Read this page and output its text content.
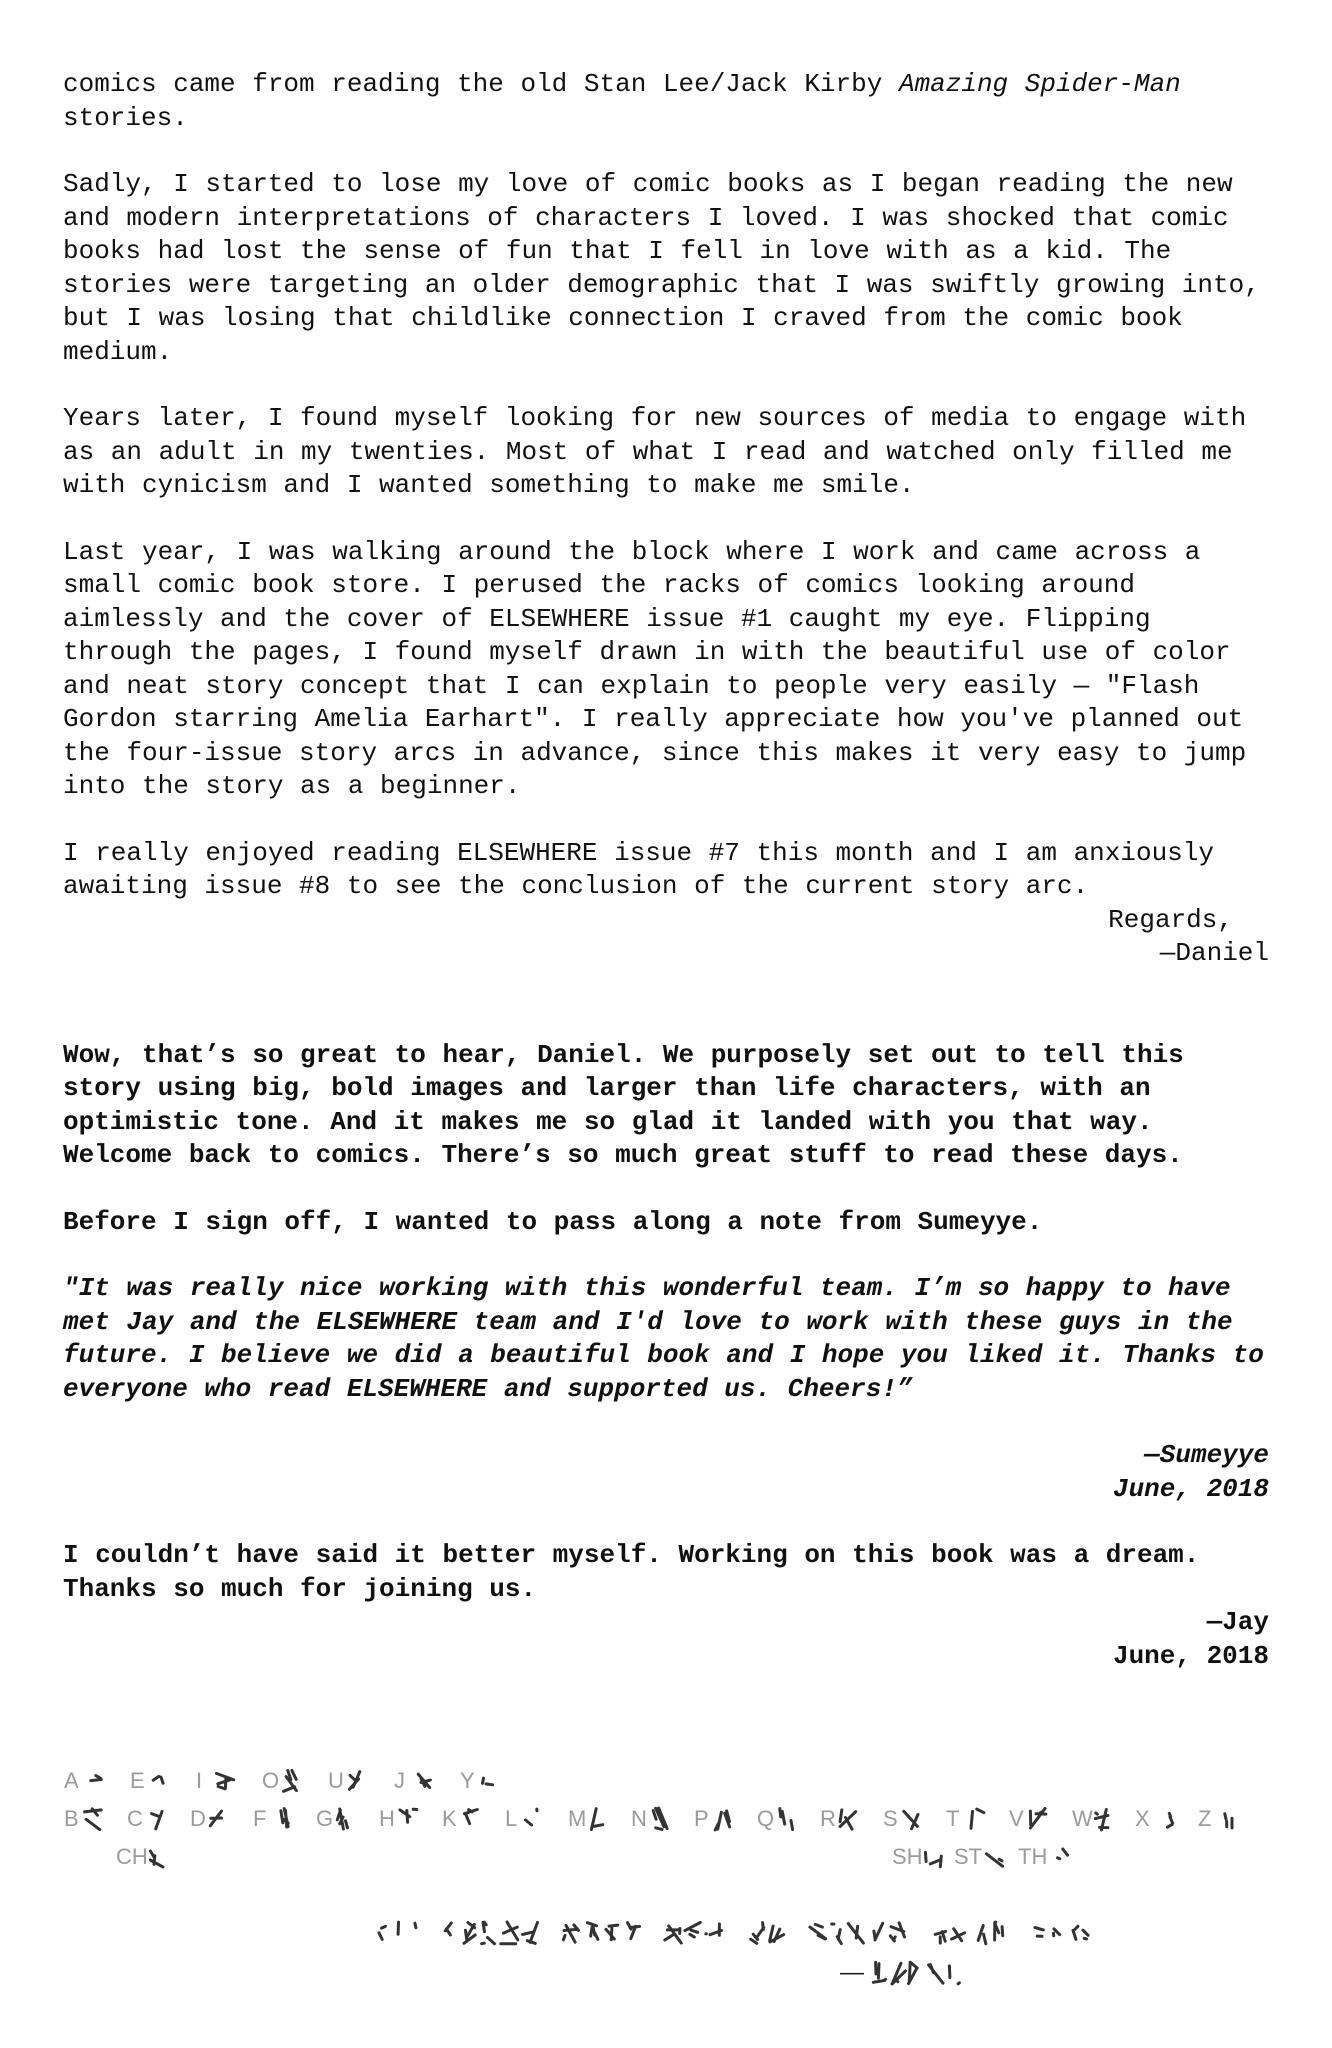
comics came from reading the old Stan Lee/Jack Kirby Amazing Spider-Man stories.

Sadly, I started to lose my love of comic books as I began reading the new and modern interpretations of characters I loved. I was shocked that comic books had lost the sense of fun that I fell in love with as a kid. The stories were targeting an older demographic that I was swiftly growing into, but I was losing that childlike connection I craved from the comic book medium.

Years later, I found myself looking for new sources of media to engage with as an adult in my twenties. Most of what I read and watched only filled me with cynicism and I wanted something to make me smile.

Last year, I was walking around the block where I work and came across a small comic book store. I perused the racks of comics looking around aimlessly and the cover of ELSEWHERE issue #1 caught my eye. Flipping through the pages, I found myself drawn in with the beautiful use of color and neat story concept that I can explain to people very easily — "Flash Gordon starring Amelia Earhart". I really appreciate how you've planned out the four-issue story arcs in advance, since this makes it very easy to jump into the story as a beginner.

I really enjoyed reading ELSEWHERE issue #7 this month and I am anxiously awaiting issue #8 to see the conclusion of the current story arc.

Regards,

—Daniel

Wow, that’s so great to hear, Daniel. We purposely set out to tell this story using big, bold images and larger than life characters, with an optimistic tone. And it makes me so glad it landed with you that way. Welcome back to comics. There’s so much great stuff to read these days.

Before I sign off, I wanted to pass along a note from Sumeyye.

"It was really nice working with this wonderful team. I’m so happy to have met Jay and the ELSEWHERE team and I'd love to work with these guys in the future. I believe we did a beautiful book and I hope you liked it. Thanks to everyone who read ELSEWHERE and supported us. Cheers!”

—Sumeyye

June, 2018

I couldn’t have said it better myself. Working on this book was a dream. Thanks so much for joining us.

—Jay

June, 2018

A E I	O U J	Y
B C D F G H K L M N P Q R S T V W X Z
CH	SH ST TH
—
